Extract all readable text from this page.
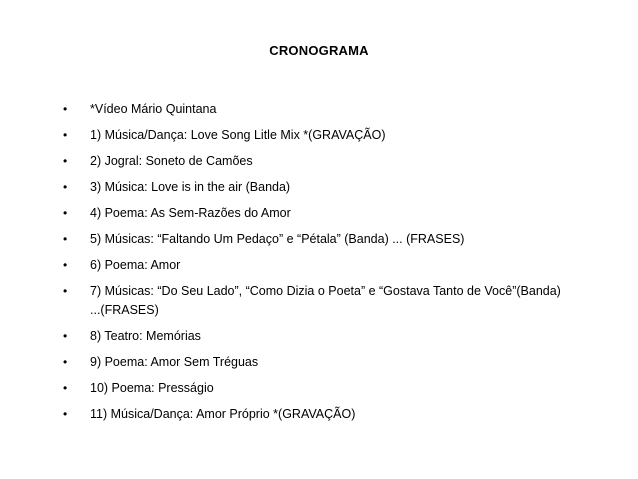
CRONOGRAMA
• *Vídeo Mário Quintana
• 1) Música/Dança: Love Song Litle Mix *(GRAVAÇÃO)
• 2) Jogral: Soneto de Camões
• 3) Música: Love is in the air (Banda)
• 4) Poema: As Sem-Razões do Amor
• 5) Músicas: “Faltando Um Pedaço” e “Pétala” (Banda) ... (FRASES)
• 6) Poema: Amor
• 7) Músicas: “Do Seu Lado”, “Como Dizia o Poeta” e “Gostava Tanto de Você”(Banda)
...(FRASES)
• 8) Teatro: Memórias
• 9) Poema: Amor Sem Tréguas
• 10) Poema: Presságio
• 11) Música/Dança: Amor Próprio *(GRAVAÇÃO)
